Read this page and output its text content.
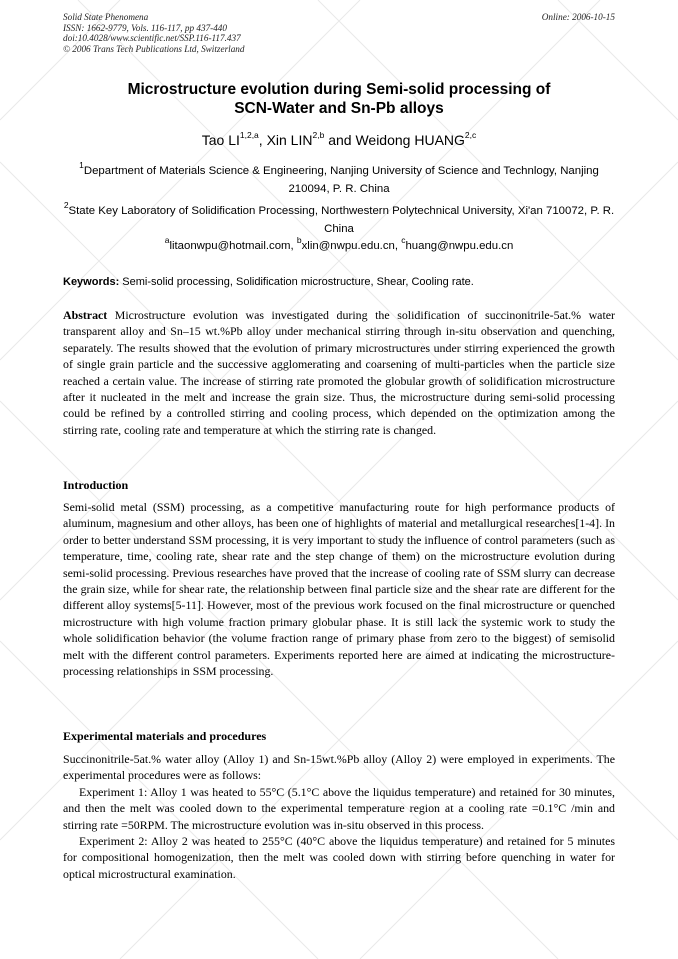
Solid State Phenomena
ISSN: 1662-9779, Vols. 116-117, pp 437-440
doi:10.4028/www.scientific.net/SSP.116-117.437
© 2006 Trans Tech Publications Ltd, Switzerland
Online: 2006-10-15
Microstructure evolution during Semi-solid processing of
SCN-Water and Sn-Pb alloys
Tao LI$^{1,2,a}$, Xin LIN$^{2,b}$ and Weidong HUANG$^{2,c}$
$^1$Department of Materials Science & Engineering, Nanjing University of Science and Technlogy, Nanjing 210094, P. R. China
$^2$State Key Laboratory of Solidification Processing, Northwestern Polytechnical University, Xi'an 710072, P. R. China
$^a$litaonwpu@hotmail.com, $^b$xlin@nwpu.edu.cn, $^c$huang@nwpu.edu.cn
Keywords: Semi-solid processing, Solidification microstructure, Shear, Cooling rate.
Abstract Microstructure evolution was investigated during the solidification of succinonitrile-5at.% water transparent alloy and Sn–15 wt.%Pb alloy under mechanical stirring through in-situ observation and quenching, separately. The results showed that the evolution of primary microstructures under stirring experienced the growth of single grain particle and the successive agglomerating and coarsening of multi-particles when the particle size reached a certain value. The increase of stirring rate promoted the globular growth of solidification microstructure after it nucleated in the melt and increase the grain size. Thus, the microstructure during semi-solid processing could be refined by a controlled stirring and cooling process, which depended on the optimization among the stirring rate, cooling rate and temperature at which the stirring rate is changed.
Introduction
Semi-solid metal (SSM) processing, as a competitive manufacturing route for high performance products of aluminum, magnesium and other alloys, has been one of highlights of material and metallurgical researches[1-4]. In order to better understand SSM processing, it is very important to study the influence of control parameters (such as temperature, time, cooling rate, shear rate and the step change of them) on the microstructure evolution during semi-solid processing. Previous researches have proved that the increase of cooling rate of SSM slurry can decrease the grain size, while for shear rate, the relationship between final particle size and the shear rate are different for the different alloy systems[5-11]. However, most of the previous work focused on the final microstructure or quenched microstructure with high volume fraction primary globular phase. It is still lack the systemic work to study the whole solidification behavior (the volume fraction range of primary phase from zero to the biggest) of semisolid melt with the different control parameters. Experiments reported here are aimed at indicating the microstructure-processing relationships in SSM processing.
Experimental materials and procedures

Succinonitrile-5at.% water alloy (Alloy 1) and Sn-15wt.%Pb alloy (Alloy 2) were employed in experiments. The experimental procedures were as follows:

Experiment 1: Alloy 1 was heated to 55°C (5.1°C above the liquidus temperature) and retained for 30 minutes, and then the melt was cooled down to the experimental temperature region at a cooling rate =0.1°C /min and stirring rate =50RPM. The microstructure evolution was in-situ observed in this process.

Experiment 2: Alloy 2 was heated to 255°C (40°C above the liquidus temperature) and retained for 5 minutes for compositional homogenization, then the melt was cooled down with stirring before quenching in water for optical microstructural examination.
